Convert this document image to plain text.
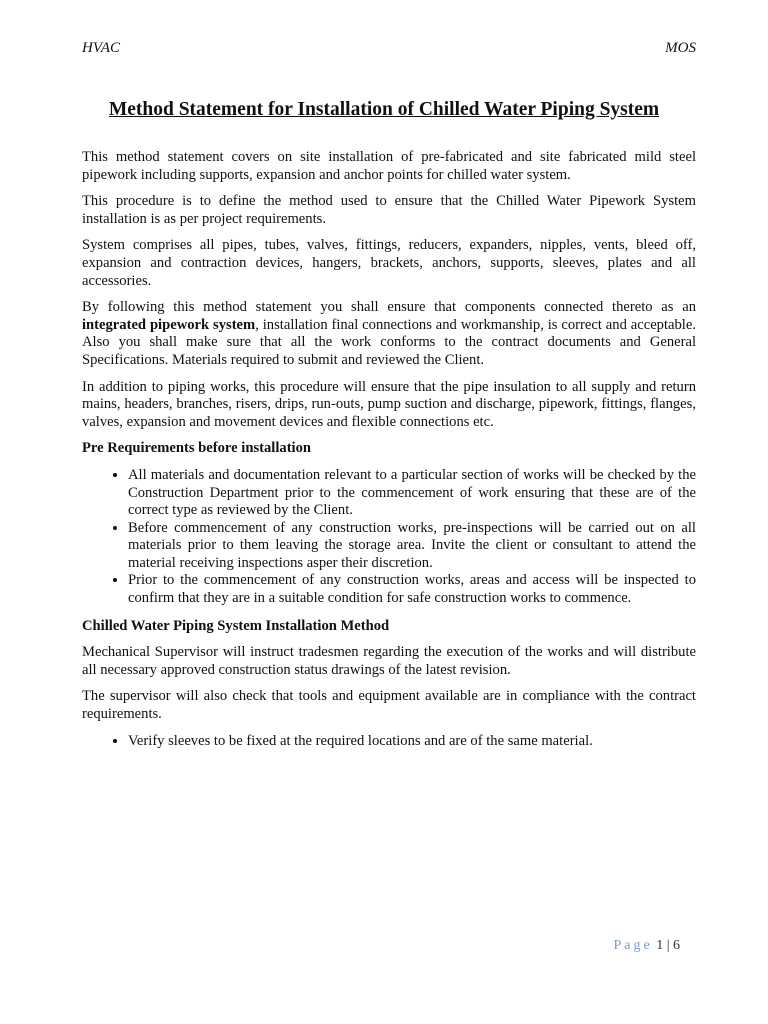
HVAC	MOS
Method Statement for Installation of Chilled Water Piping System

This method statement covers on site installation of pre-fabricated and site fabricated mild steel pipework including supports, expansion and anchor points for chilled water system.

This procedure is to define the method used to ensure that the Chilled Water Pipework System installation is as per project requirements.

System comprises all pipes, tubes, valves, fittings, reducers, expanders, nipples, vents, bleed off, expansion and contraction devices, hangers, brackets, anchors, supports, sleeves, plates and all accessories.

By following this method statement you shall ensure that components connected thereto as an integrated pipework system, installation final connections and workmanship, is correct and acceptable. Also you shall make sure that all the work conforms to the contract documents and General Specifications. Materials required to submit and reviewed the Client.

In addition to piping works, this procedure will ensure that the pipe insulation to all supply and return mains, headers, branches, risers, drips, run-outs, pump suction and discharge, pipework, fittings, flanges, valves, expansion and movement devices and flexible connections etc.

Pre Requirements before installation
• All materials and documentation relevant to a particular section of works will be checked by the Construction Department prior to the commencement of work ensuring that these are of the correct type as reviewed by the Client.
• Before commencement of any construction works, pre-inspections will be carried out on all materials prior to them leaving the storage area. Invite the client or consultant to attend the material receiving inspections asper their discretion.
• Prior to the commencement of any construction works, areas and access will be inspected to confirm that they are in a suitable condition for safe construction works to commence.
Chilled Water Piping System Installation Method

Mechanical Supervisor will instruct tradesmen regarding the execution of the works and will distribute all necessary approved construction status drawings of the latest revision.

The supervisor will also check that tools and equipment available are in compliance with the contract requirements.

• Verify sleeves to be fixed at the required locations and are of the same material.
Page 1 | 6
